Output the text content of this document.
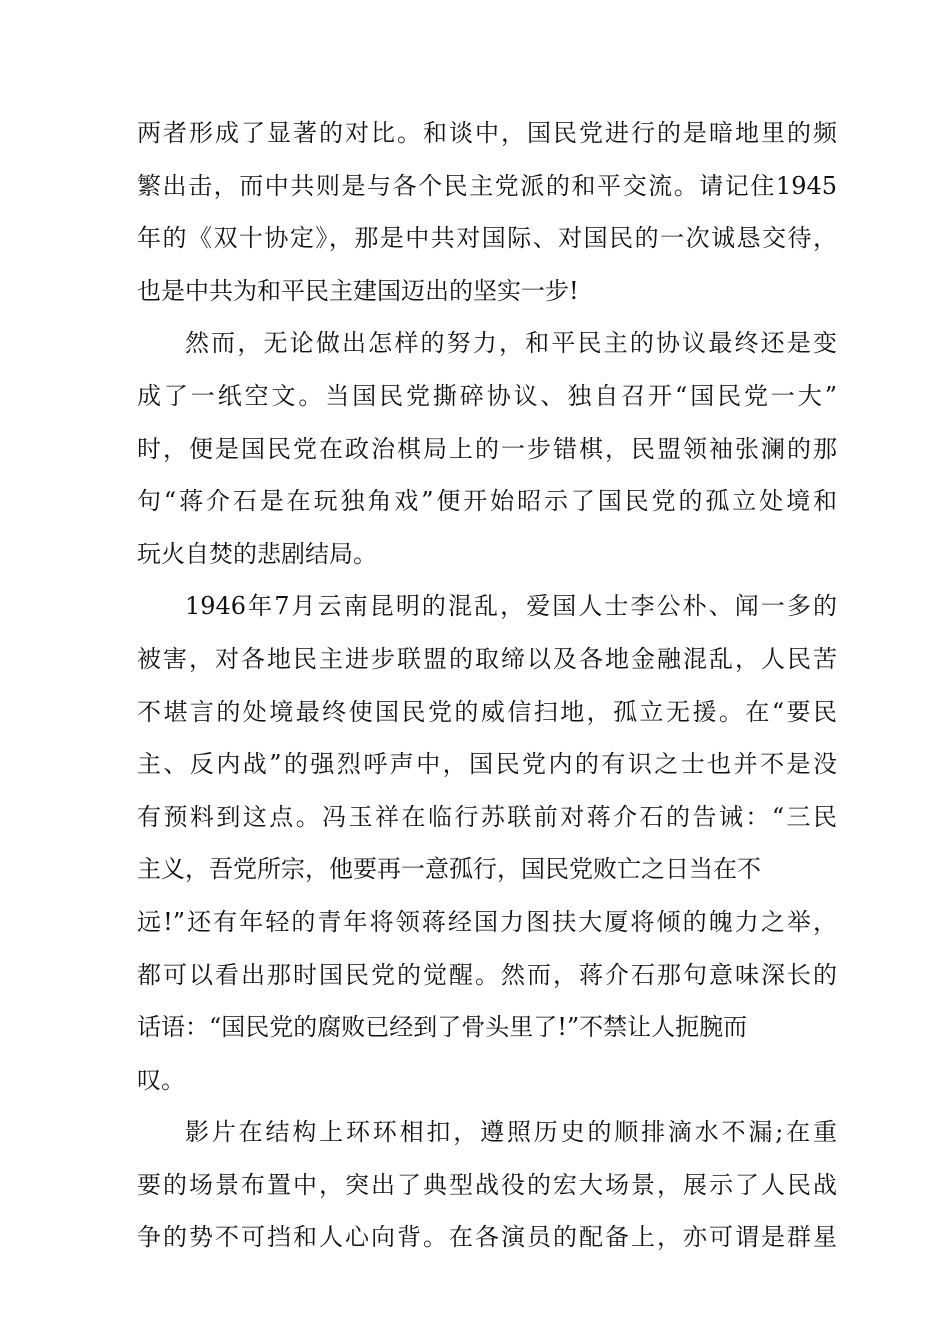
两者形成了显著的对比。和谈中，国民党进行的是暗地里的频
繁出击，而中共则是与各个民主党派的和平交流。请记住1945
年的《双十协定》，那是中共对国际、对国民的一次诚恳交待，
也是中共为和平民主建国迈出的坚实一步!
然而，无论做出怎样的努力，和平民主的协议最终还是变
成了一纸空文。当国民党撕碎协议、独自召开“国民党一大”
时，便是国民党在政治棋局上的一步错棋，民盟领袖张澜的那
句“蒋介石是在玩独角戏”便开始昭示了国民党的孤立处境和
玩火自焚的悲剧结局。
1946年7月云南昆明的混乱，爱国人士李公朴、闻一多的
被害，对各地民主进步联盟的取缔以及各地金融混乱，人民苦
不堪言的处境最终使国民党的威信扫地，孤立无援。在“要民
主、反内战”的强烈呼声中，国民党内的有识之士也并不是没
有预料到这点。冯玉祥在临行苏联前对蒋介石的告诫：“三民
主义，吾党所宗，他要再一意孤行，国民党败亡之日当在不
远!”还有年轻的青年将领蒋经国力图扶大厦将倾的魄力之举，
都可以看出那时国民党的觉醒。然而，蒋介石那句意味深长的
话语：“国民党的腐败已经到了骨头里了!”不禁让人扼腕而
叹。
影片在结构上环环相扣，遵照历史的顺排滴水不漏;在重
要的场景布置中，突出了典型战役的宏大场景，展示了人民战
争的势不可挡和人心向背。在各演员的配备上，亦可谓是群星
